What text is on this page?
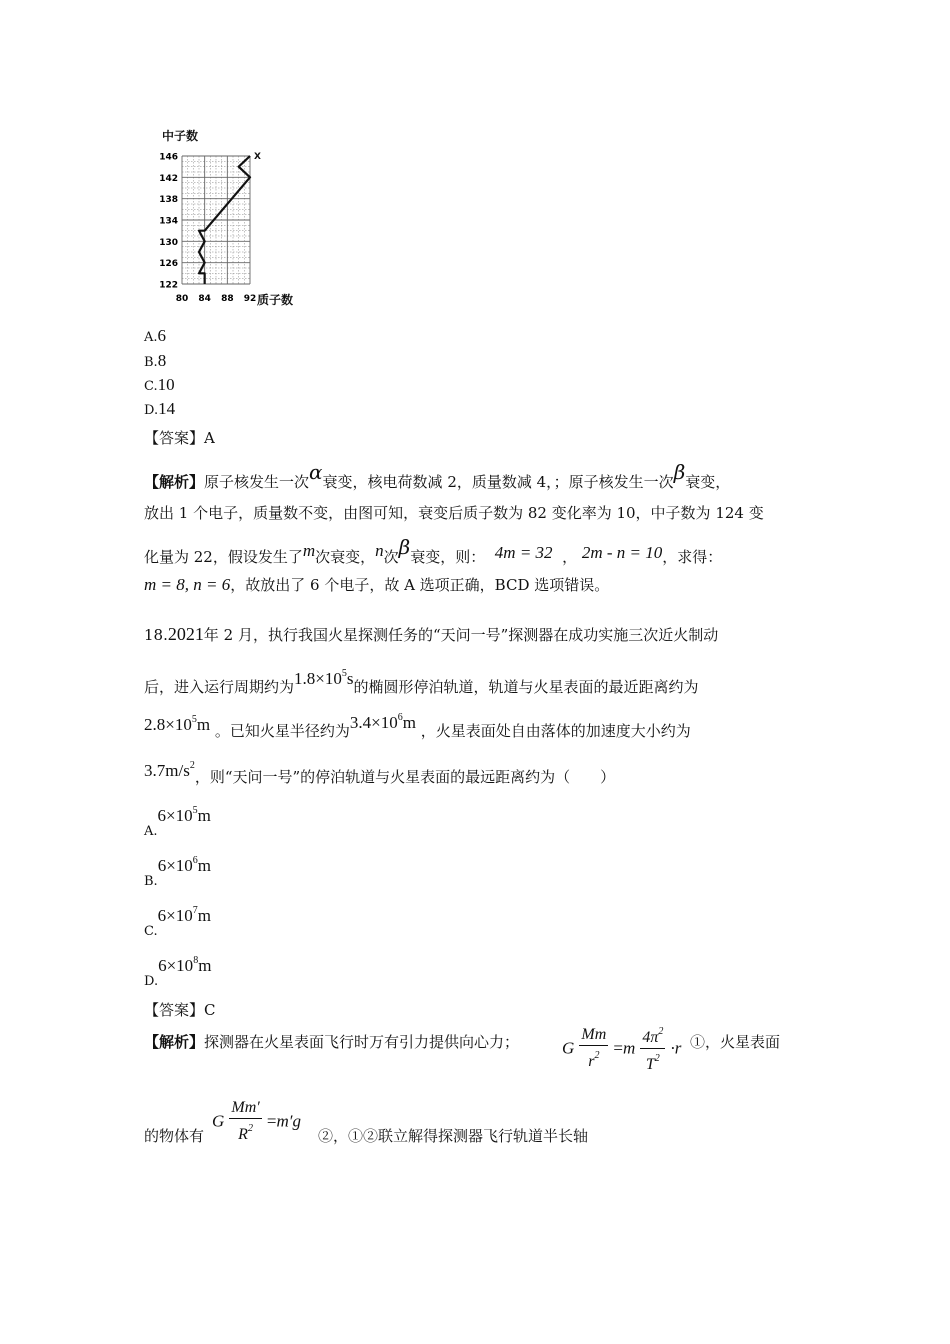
中子数
146
142
138
134
130
126
122
80 84 88 92 质子数
X
A.6
B.8
C.10
D.14
【答案】A
【解析】原子核发生一次α衰变，核电荷数减 2，质量数减 4，；原子核发生一次β衰变，
放出 1 个电子，质量数不变，由图可知，衰变后质子数为 82 变化率为 10，中子数为 124 变
化量为 22，假设发生了m次衰变，n次β衰变，则： 4m = 32  ， 2m - n = 10，求得：
m = 8, n = 6，故放出了 6 个电子，故 A 选项正确，BCD 选项错误。
18.2021年 2 月，执行我国火星探测任务的“天问一号”探测器在成功实施三次近火制动
后，进入运行周期约为$1.8\times 10^5s$的椭圆形停泊轨道，轨道与火星表面的最近距离约为
$2.8\times 10^5m$ 。已知火星半径约为$3.4\times 10^6m$ ，火星表面处自由落体的加速度大小约为
$3.7m/s^2$，则“天问一号”的停泊轨道与火星表面的最远距离约为（　　）
$A.6\times 10^5m$
$B.6\times 10^6m$
$C.6\times 10^7m$
$D.6\times 10^8m$
【答案】C
【解析】探测器在火星表面飞行时万有引力提供向心力；	G $\frac{Mm}{r^2} =m \frac{4\pi^2}{T^2} \cdot r$ ①，火星表面
的物体有
G $\frac{Mm'}{R^2} =m'g$
②，①②联立解得探测器飞行轨道半长轴
